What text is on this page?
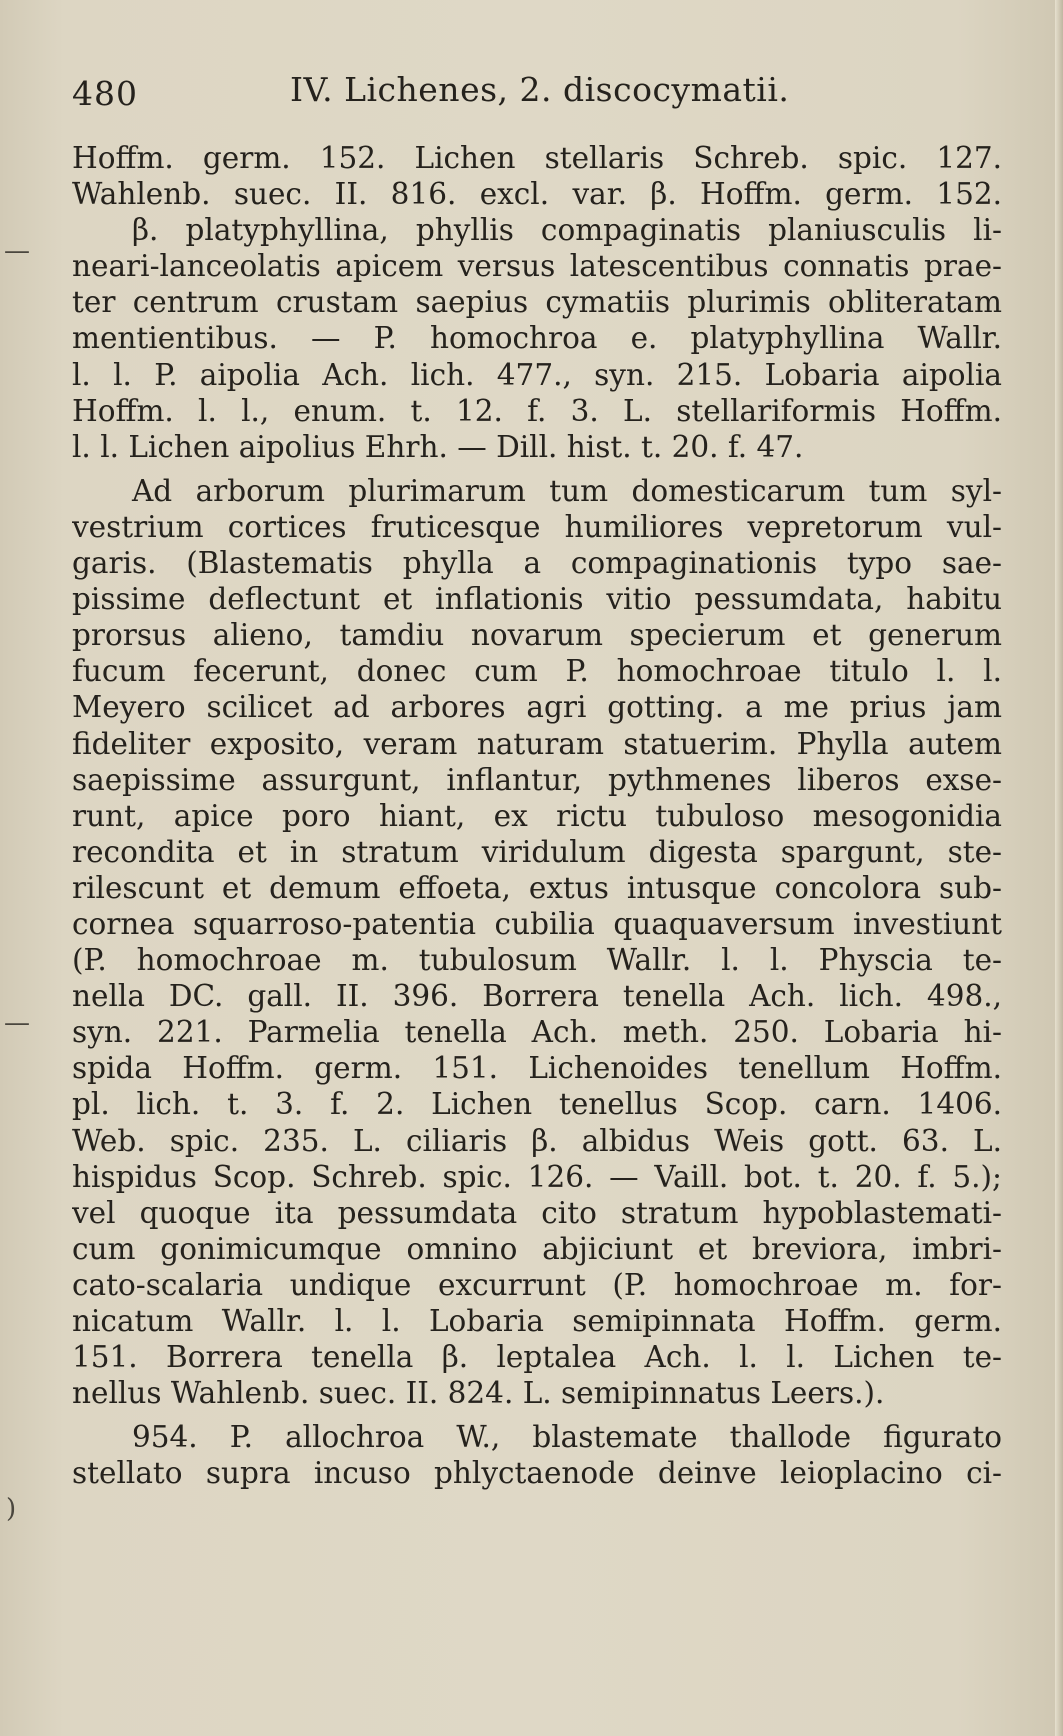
480	IV. Lichenes, 2. discocymatii.
Hoffm. germ. 152. Lichen stellaris Schreb. spic. 127.
Wahlenb. suec. II. 816. excl. var. β. Hoffm. germ. 152.
β. platyphyllina, phyllis compaginatis planiusculis li-
neari-lanceolatis apicem versus latescentibus connatis prae-
ter centrum crustam saepius cymatiis plurimis obliteratam
mentientibus. — P. homochroa e. platyphyllina Wallr.
l. l. P. aipolia Ach. lich. 477., syn. 215. Lobaria aipolia
Hoffm. l. l., enum. t. 12. f. 3. L. stellariformis Hoffm.
l. l. Lichen aipolius Ehrh. — Dill. hist. t. 20. f. 47.
Ad arborum plurimarum tum domesticarum tum syl-
vestrium cortices fruticesque humiliores vepretorum vul-
garis. (Blastematis phylla a compaginationis typo sae-
pissime deflectunt et inflationis vitio pessumdata, habitu
prorsus alieno, tamdiu novarum specierum et generum
fucum fecerunt, donec cum P. homochroae titulo l. l.
Meyero scilicet ad arbores agri gotting. a me prius jam
fideliter exposito, veram naturam statuerim. Phylla autem
saepissime assurgunt, inflantur, pythmenes liberos exse-
runt, apice poro hiant, ex rictu tubuloso mesogonidia
recondita et in stratum viridulum digesta spargunt, ste-
rilescunt et demum effoeta, extus intusque concolora sub-
cornea squarroso-patentia cubilia quaquaversum investiunt
(P. homochroae m. tubulosum Wallr. l. l. Physcia te-
nella DC. gall. II. 396. Borrera tenella Ach. lich. 498.,
syn. 221. Parmelia tenella Ach. meth. 250. Lobaria hi-
spida Hoffm. germ. 151. Lichenoides tenellum Hoffm.
pl. lich. t. 3. f. 2. Lichen tenellus Scop. carn. 1406.
Web. spic. 235. L. ciliaris β. albidus Weis gott. 63. L.
hispidus Scop. Schreb. spic. 126. — Vaill. bot. t. 20. f. 5.);
vel quoque ita pessumdata cito stratum hypoblastemati-
cum gonimicumque omnino abjiciunt et breviora, imbri-
cato-scalaria undique excurrunt (P. homochroae m. for-
nicatum Wallr. l. l. Lobaria semipinnata Hoffm. germ.
151. Borrera tenella β. leptalea Ach. l. l. Lichen te-
nellus Wahlenb. suec. II. 824. L. semipinnatus Leers.).
954. P. allochroa W., blastemate thallode figurato
stellato supra incuso phlyctaenode deinve leioplacino ci-
—
—
)
